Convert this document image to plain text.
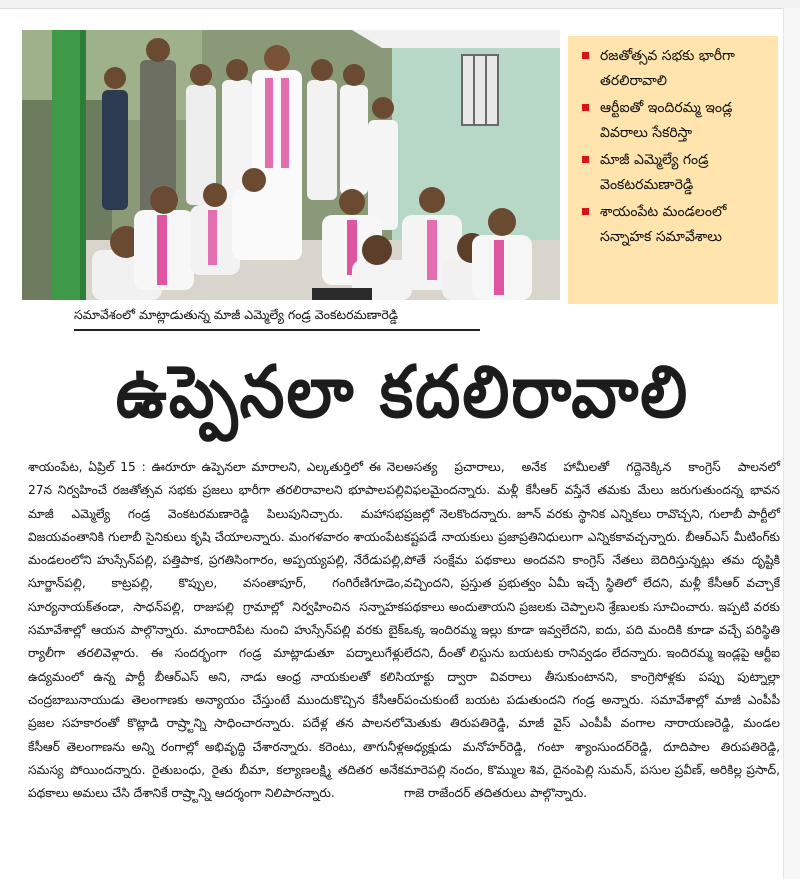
రజతోత్సవ సభకు భారీగా తరలిరావాలి
ఆర్టీఐతో ఇందిరమ్మ ఇండ్ల వివరాలు సేకరిస్తా
మాజీ ఎమ్మెల్యే గండ్ర వెంకటరమణారెడ్డి
శాయంపేట మండలంలో సన్నాహక సమావేశాలు
సమావేశంలో మాట్లాడుతున్న మాజీ ఎమ్మెల్యే గండ్ర వెంకటరమణారెడ్డి
ఉప్పెనలా కదలిరావాలి

శాయంపేట, ఏప్రిల్ 15 : ఊరూరూ ఉప్పెనలా మారాలని, ఎల్కతుర్తిలో ఈ నెల 27న నిర్వహించే రజతోత్సవ సభకు ప్రజలు భారీగా తరలిరావాలని భూపాలపల్లి మాజీ ఎమ్మెల్యే గండ్ర వెంకటరమణారెడ్డి పిలుపునిచ్చారు. మహాసభ విజయవంతానికి గులాబీ సైనికులు కృషి చేయాలన్నారు. మంగళవారం శాయంపేట మండలంలోని హుస్సేన్‌పల్లి, పత్తిపాక, ప్రగతిసింగారం, అప్పయ్యపల్లి, నేరేడుపల్లి, సూర్జాన్‌పల్లి, కాట్రపల్లి, కొప్పుల, వసంతాపూర్, గంగిరేణిగూడెం, సూర్యనాయక్‌తండా, సాధన్‌పల్లి, రాజుపల్లి గ్రామాల్లో నిర్వహించిన సన్నాహక సమావేశాల్లో ఆయన పాల్గొన్నారు. మాందారిపేట నుంచి హుస్సేన్‌పల్లి వరకు బైక్ ర్యాలీగా తరలివెళ్లారు. ఈ సందర్భంగా గండ్ర మాట్లాడుతూ పద్నాలుగేళ్లు ఉద్యమంలో ఉన్న పార్టీ బీఆర్ఎస్ అని, నాడు ఆంధ్ర నాయకులతో కలిసి చంద్రబాబునాయుడు తెలంగాణకు అన్యాయం చేస్తుంటే ముందుకొచ్చిన కేసీఆర్ ప్రజల సహకారంతో కొట్లాడి రాష్ర్టాన్ని సాధించారన్నారు. పదేళ్ల తన పాలనలో కేసీఆర్ తెలంగాణను అన్ని రంగాల్లో అభివృద్ధి చేశారన్నారు. కరెంటు, తాగునీళ్ల సమస్య పోయిందన్నారు. రైతుబంధు, రైతు బీమా, కల్యాణలక్ష్మి తదితర అనేక పథకాలు అమలు చేసి దేశానికే రాష్ర్టాన్ని ఆదర్శంగా నిలిపారన్నారు.

అసత్య ప్రచారాలు, అనేక హామీలతో గద్దెనెక్కిన కాంగ్రెస్ పాలనలో విఫలమైందన్నారు. మళ్లీ కేసీఆర్ వస్తేనే తమకు మేలు జరుగుతుందన్న భావన ప్రజల్లో నెలకొందన్నారు. జూన్ వరకు స్థానిక ఎన్నికలు రావొచ్చని, గులాబీ పార్టీలో కష్టపడే నాయకులు ప్రజాప్రతినిధులుగా ఎన్నికకావచ్చన్నారు. బీఆర్ఎస్ మీటింగ్‌కు పోతే సంక్షేమ పథకాలు అందవని కాంగ్రెస్ నేతలు బెదిరిస్తున్నట్లు తమ దృష్టికి వచ్చిందని, ప్రస్తుత ప్రభుత్వం ఏమీ ఇచ్చే స్థితిలో లేదని, మళ్లీ కేసీఆర్ వచ్చాకే పథకాలు అందుతాయని ప్రజలకు చెప్పాలని శ్రేణులకు సూచించారు. ఇప్పటి వరకు ఒక్క ఇందిరమ్మ ఇల్లు కూడా ఇవ్వలేదని, ఐదు, పది మందికి కూడా వచ్చే పరిస్థితి లేదని, దీంతో లిస్టును బయటకు రానివ్వడం లేదన్నారు. ఇందిరమ్మ ఇండ్లపై ఆర్టీఐ యాక్టు ద్వారా వివరాలు తీసుకుంటానని, కాంగ్రెసోళ్లకు పప్పు పుట్నాల్లా పంచుకుంటే బయట పడుతుందని గండ్ర అన్నారు. సమావేశాల్లో మాజీ ఎంపీపీ మెతుకు తిరుపతిరెడ్డి, మాజీ వైస్ ఎంపీపీ వంగాల నారాయణరెడ్డి, మండల అధ్యక్షుడు మనోహర్‌రెడ్డి, గంటా శ్యాంసుందర్‌రెడ్డి, దూదిపాల తిరుపతిరెడ్డి, మారెపల్లి నందం, కొమ్ముల శివ, దైనంపెల్లి సుమన్, పసుల ప్రవీణ్, అరికిల్ల ప్రసాద్, గాజె రాజేందర్ తదితరులు పాల్గొన్నారు.
